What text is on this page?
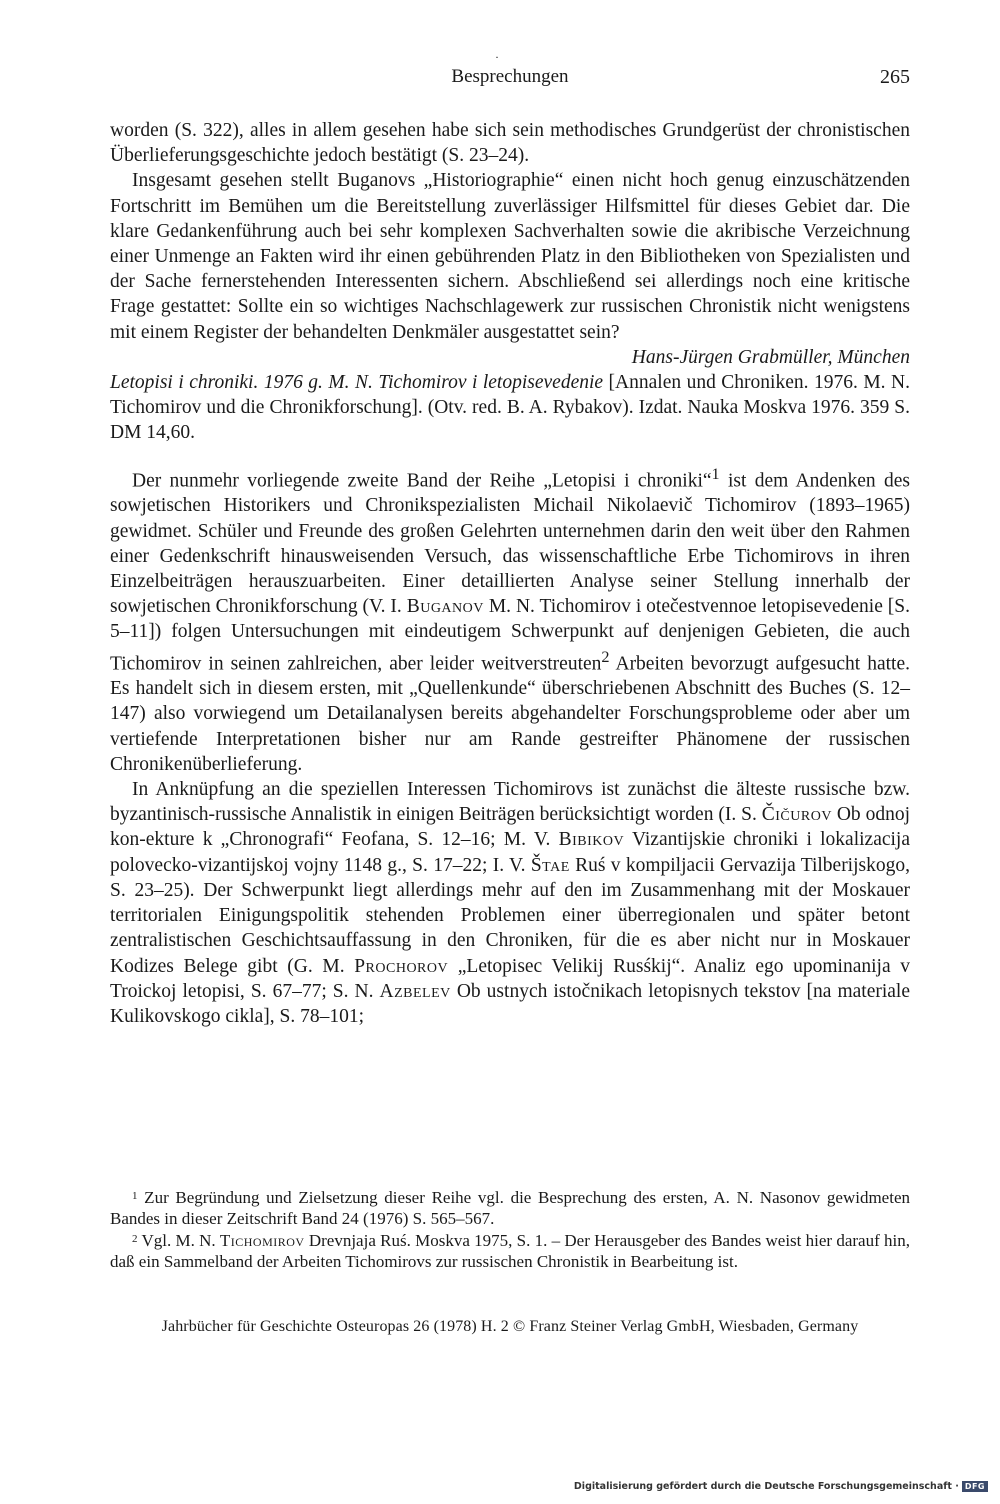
·
Besprechungen	265

worden (S. 322), alles in allem gesehen habe sich sein methodisches Grundgerüst der chronistischen Überlieferungsgeschichte jedoch bestätigt (S. 23–24).

Insgesamt gesehen stellt Buganovs „Historiographie“ einen nicht hoch genug einzuschätzenden Fortschritt im Bemühen um die Bereitstellung zuverlässiger Hilfsmittel für dieses Gebiet dar. Die klare Gedankenführung auch bei sehr komplexen Sachverhalten sowie die akribische Verzeichnung einer Unmenge an Fakten wird ihr einen gebührenden Platz in den Bibliotheken von Spezialisten und der Sache fernerstehenden Interessenten sichern. Abschließend sei allerdings noch eine kritische Frage gestattet: Sollte ein so wichtiges Nachschlagewerk zur russischen Chronistik nicht wenigstens mit einem Register der behandelten Denkmäler ausgestattet sein?

Hans-Jürgen Grabmüller, München

Letopisi i chroniki. 1976 g. M. N. Tichomirov i letopisevedenie [Annalen und Chroniken. 1976. M. N. Tichomirov und die Chronikforschung]. (Otv. red. B. A. Rybakov). Izdat. Nauka Moskva 1976. 359 S. DM 14,60.

Der nunmehr vorliegende zweite Band der Reihe „Letopisi i chroniki“$^1$ ist dem Andenken des sowjetischen Historikers und Chronikspezialisten Michail Nikolaevič Tichomirov (1893–1965) gewidmet. Schüler und Freunde des großen Gelehrten unternehmen darin den weit über den Rahmen einer Gedenkschrift hinausweisenden Versuch, das wissenschaftliche Erbe Tichomirovs in ihren Einzelbeiträgen herauszuarbeiten. Einer detaillierten Analyse seiner Stellung innerhalb der sowjetischen Chronikforschung (V. I. Buganov M. N. Tichomirov i otečestvennoe letopisevedenie [S. 5–11]) folgen Untersuchungen mit eindeutigem Schwerpunkt auf denjenigen Gebieten, die auch Tichomirov in seinen zahlreichen, aber leider weitverstreuten$^2$ Arbeiten bevorzugt aufgesucht hatte. Es handelt sich in diesem ersten, mit „Quellenkunde“ überschriebenen Abschnitt des Buches (S. 12–147) also vorwiegend um Detailanalysen bereits abgehandelter Forschungsprobleme oder aber um vertiefende Interpretationen bisher nur am Rande gestreifter Phänomene der russischen Chronikenüberlieferung.

In Anknüpfung an die speziellen Interessen Tichomirovs ist zunächst die älteste russische bzw. byzantinisch-russische Annalistik in einigen Beiträgen berücksichtigt worden (I. S. Čičurov Ob odnoj kon-ekture k „Chronografi“ Feofana, S. 12–16; M. V. Bibikov Vizantijskie chroniki i lokalizacija polovecko-vizantijskoj vojny 1148 g., S. 17–22; I. V. Štae Ruś v kompiljacii Gervazija Tilberijskogo, S. 23–25). Der Schwerpunkt liegt allerdings mehr auf den im Zusammenhang mit der Moskauer territorialen Einigungspolitik stehenden Problemen einer überregionalen und später betont zentralistischen Geschichtsauffassung in den Chroniken, für die es aber nicht nur in Moskauer Kodizes Belege gibt (G. M. Prochorov „Letopisec Velikij Rusśkij“. Analiz ego upominanija v Troickoj letopisi, S. 67–77; S. N. Azbelev Ob ustnych istočnikach letopisnych tekstov [na materiale Kulikovskogo cikla], S. 78–101;

$^1$ Zur Begründung und Zielsetzung dieser Reihe vgl. die Besprechung des ersten, A. N. Nasonov gewidmeten Bandes in dieser Zeitschrift Band 24 (1976) S. 565–567.

$^2$ Vgl. M. N. Tichomirov Drevnjaja Ruś. Moskva 1975, S. 1. – Der Herausgeber des Bandes weist hier darauf hin, daß ein Sammelband der Arbeiten Tichomirovs zur russischen Chronistik in Bearbeitung ist.

Jahrbücher für Geschichte Osteuropas 26 (1978) H. 2 © Franz Steiner Verlag GmbH, Wiesbaden, Germany
Digitalisierung gefördert durch die Deutsche Forschungsgemeinschaft · DFG
